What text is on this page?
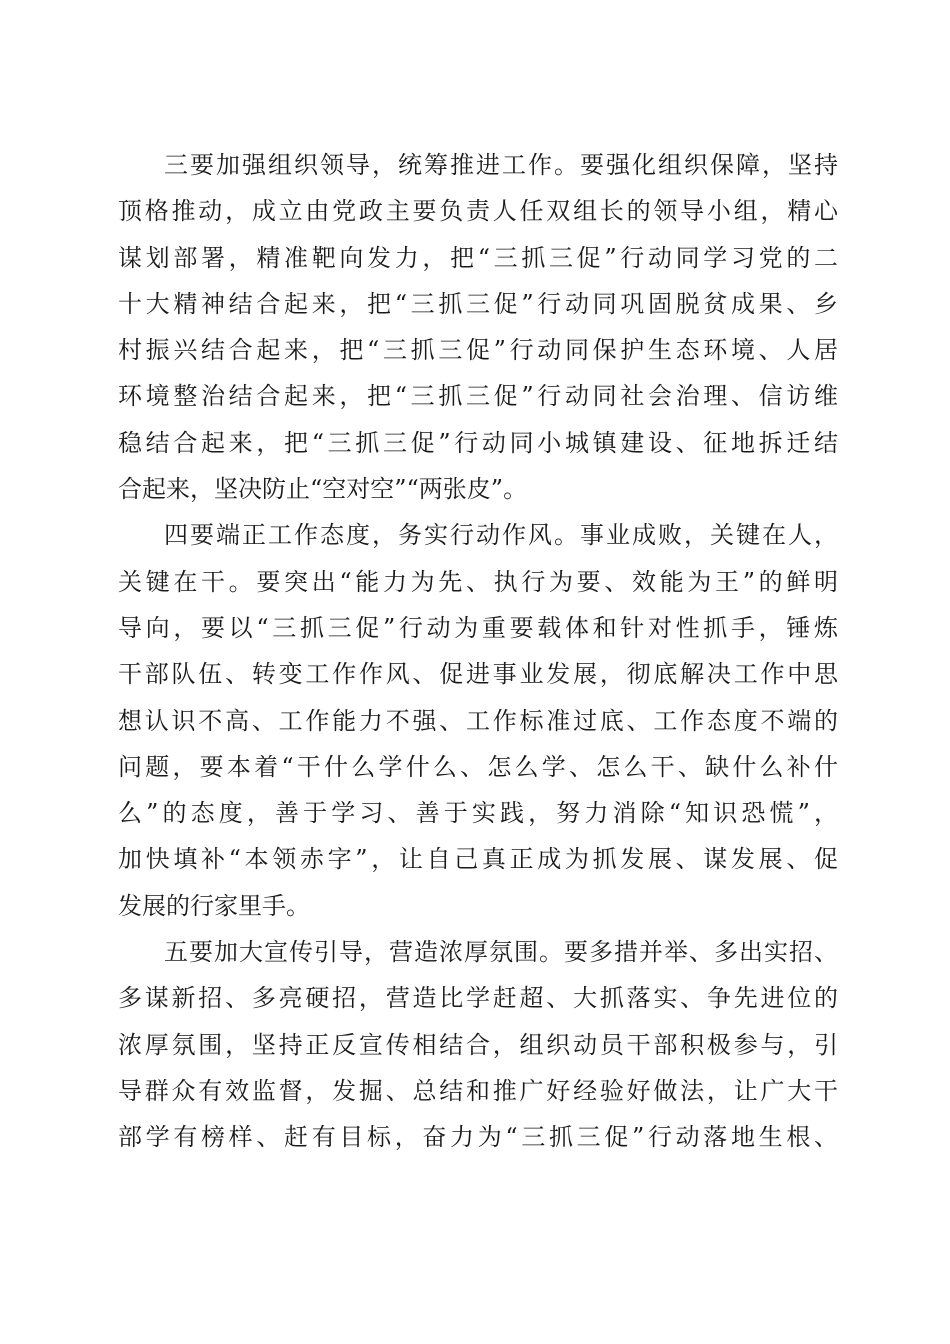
三要加强组织领导，统筹推进工作。要强化组织保障，坚持
顶格推动，成立由党政主要负责人任双组长的领导小组，精心
谋划部署，精准靶向发力，把“三抓三促”行动同学习党的二
十大精神结合起来，把“三抓三促”行动同巩固脱贫成果、乡
村振兴结合起来，把“三抓三促”行动同保护生态环境、人居
环境整治结合起来，把“三抓三促”行动同社会治理、信访维
稳结合起来，把“三抓三促”行动同小城镇建设、征地拆迁结
合起来，坚决防止“空对空”“两张皮”。
四要端正工作态度，务实行动作风。事业成败，关键在人，
关键在干。要突出“能力为先、执行为要、效能为王”的鲜明
导向，要以“三抓三促”行动为重要载体和针对性抓手，锤炼
干部队伍、转变工作作风、促进事业发展，彻底解决工作中思
想认识不高、工作能力不强、工作标准过底、工作态度不端的
问题，要本着“干什么学什么、怎么学、怎么干、缺什么补什
么”的态度，善于学习、善于实践，努力消除“知识恐慌”，
加快填补“本领赤字”，让自己真正成为抓发展、谋发展、促
发展的行家里手。
五要加大宣传引导，营造浓厚氛围。要多措并举、多出实招、
多谋新招、多亮硬招，营造比学赶超、大抓落实、争先进位的
浓厚氛围，坚持正反宣传相结合，组织动员干部积极参与，引
导群众有效监督，发掘、总结和推广好经验好做法，让广大干
部学有榜样、赶有目标，奋力为“三抓三促”行动落地生根、
